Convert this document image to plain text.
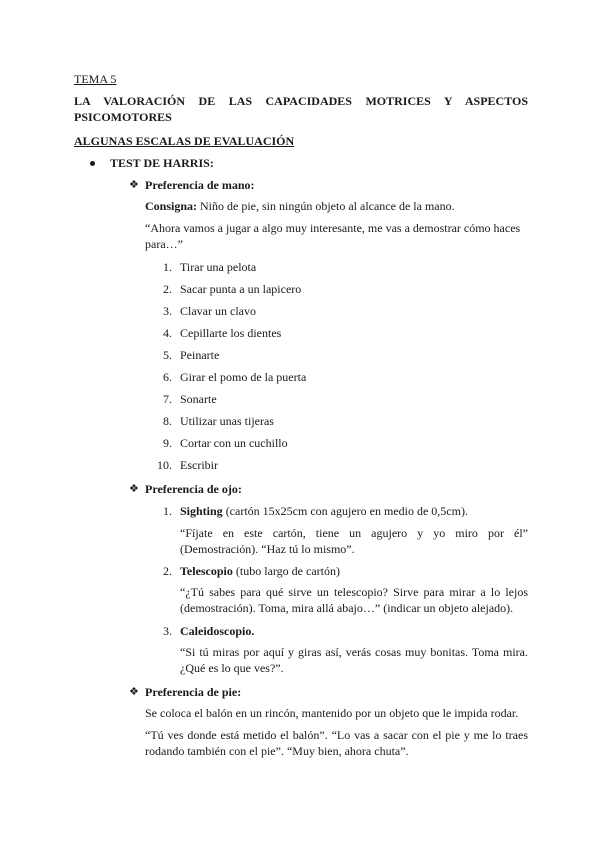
TEMA 5
LA VALORACIÓN DE LAS CAPACIDADES MOTRICES Y ASPECTOS
PSICOMOTORES
ALGUNAS ESCALAS DE EVALUACIÓN
TEST DE HARRIS:
❖ Preferencia de mano:
Consigna: Niño de pie, sin ningún objeto al alcance de la mano.
“Ahora vamos a jugar a algo muy interesante, me vas a demostrar cómo haces
para…”
1. Tirar una pelota
2. Sacar punta a un lapicero
3. Clavar un clavo
4. Cepillarte los dientes
5. Peinarte
6. Girar el pomo de la puerta
7. Sonarte
8. Utilizar unas tijeras
9. Cortar con un cuchillo
10. Escribir
❖ Preferencia de ojo:
1. Sighting (cartón 15x25cm con agujero en medio de 0,5cm).
“Fíjate en este cartón, tiene un agujero y yo miro por él”
(Demostración). “Haz tú lo mismo”.
2. Telescopio (tubo largo de cartón)
“¿Tú sabes para qué sirve un telescopio? Sirve para mirar a lo lejos
(demostración). Toma, mira allá abajo…” (indicar un objeto alejado).
3. Caleidoscopio.
“Si tú miras por aquí y giras así, verás cosas muy bonitas. Toma mira.
¿Qué es lo que ves?”.
❖ Preferencia de pie:
Se coloca el balón en un rincón, mantenido por un objeto que le impida rodar.
“Tú ves donde está metido el balón”. “Lo vas a sacar con el pie y me lo traes
rodando también con el pie”. “Muy bien, ahora chuta”.
